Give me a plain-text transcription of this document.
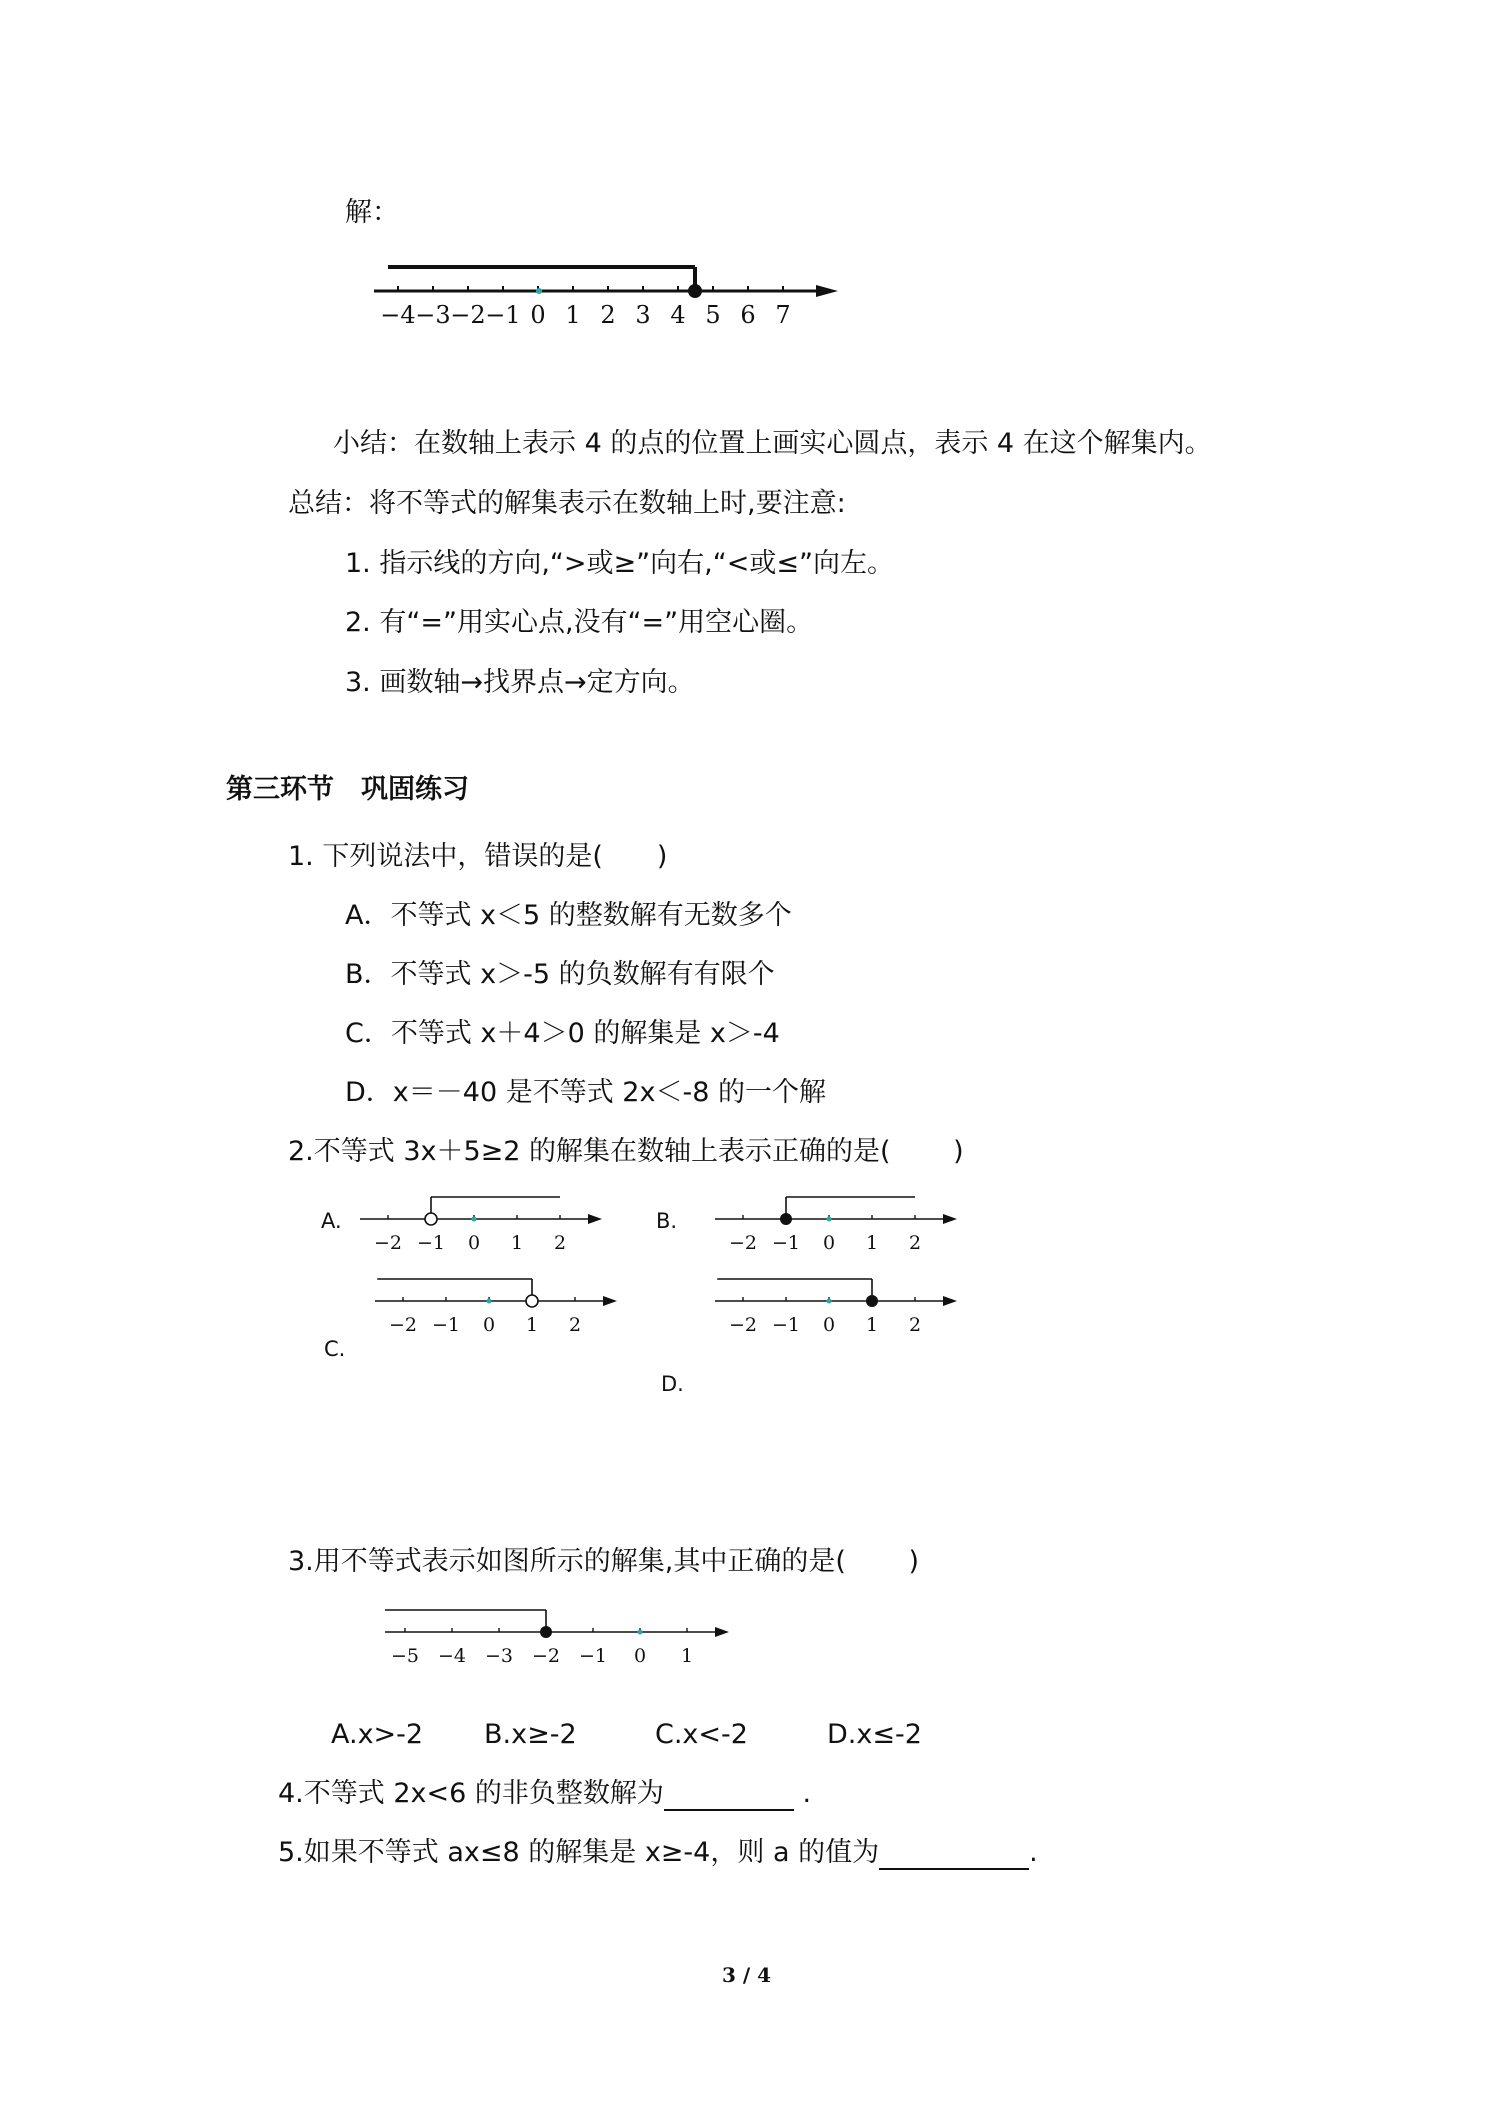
解：
−4 −3 −2 −1 0 1 2 3 4 5 6 7
小结：在数轴上表示 4 的点的位置上画实心圆点，表示 4 在这个解集内。
总结：将不等式的解集表示在数轴上时,要注意:
1. 指示线的方向,“>或≥”向右,“<或≤”向左。
2. 有“=”用实心点,没有“=”用空心圈。
3. 画数轴→找界点→定方向。
第三环节　巩固练习
1. 下列说法中，错误的是(　　)
A．不等式 x＜5 的整数解有无数多个
B．不等式 x＞-5 的负数解有有限个
C．不等式 x＋4＞0 的解集是 x＞-4
D．x＝－40 是不等式 2x＜-8 的一个解
2.不等式 3x＋5≥2 的解集在数轴上表示正确的是(　　 )
A.	B.
C.
D.
−2 −1 0 1 2	−2 −1 0 1 2
−2 −1 0 1 2	−2 −1 0 1 2
3.用不等式表示如图所示的解集,其中正确的是(　　 )
−5 −4 −3 −2 −1 0 1
A.x>-2 B.x≥-2	C.x<-2	D.x≤-2
4.不等式 2x<6 的非负整数解为	.
5.如果不等式 ax≤8 的解集是 x≥-4，则 a 的值为	.
3 / 4
